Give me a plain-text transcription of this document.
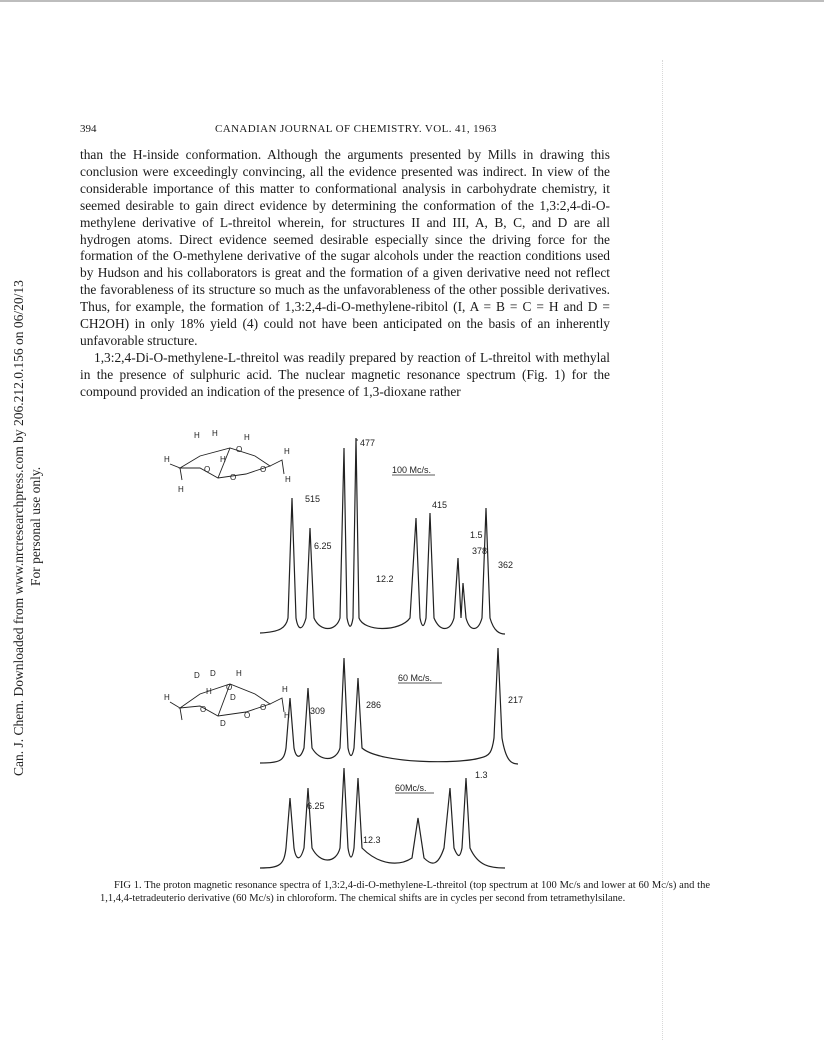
Can. J. Chem. Downloaded from www.nrcresearchpress.com by 206.212.0.156 on 06/20/13 For personal use only.
394	CANADIAN JOURNAL OF CHEMISTRY. VOL. 41, 1963

than the H-inside conformation. Although the arguments presented by Mills in drawing this conclusion were exceedingly convincing, all the evidence presented was indirect. In view of the considerable importance of this matter to conformational analysis in carbohydrate chemistry, it seemed desirable to gain direct evidence by determining the conformation of the 1,3:2,4-di-O-methylene derivative of L-threitol wherein, for structures II and III, A, B, C, and D are all hydrogen atoms. Direct evidence seemed desirable especially since the driving force for the formation of the O-methylene derivative of the sugar alcohols under the reaction conditions used by Hudson and his collaborators is great and the formation of a given derivative need not reflect the favorableness of its structure so much as the unfavorableness of the other possible derivatives. Thus, for example, the formation of 1,3:2,4-di-O-methylene-ribitol (I, A = B = C = H and D = CH2OH) in only 18% yield (4) could not have been anticipated on the basis of an inherently unfavorable structure.

1,3:2,4-Di-O-methylene-L-threitol was readily prepared by reaction of L-threitol with methylal in the presence of sulphuric acid. The nuclear magnetic resonance spectrum (Fig. 1) for the compound provided an indication of the presence of 1,3-dioxane rather

477
515
415
1.5
378
362
6.25
12.2
100 Mc/s.
60 Mc/s.
309
286	217
60Mc/s.
6.25
1.3
12.3
H H	H
H
H
H
H
H
O
O
O
O
D D	H
H
D
D
H
H
H
O
O
O
O
FIG 1. The proton magnetic resonance spectra of 1,3:2,4-di-O-methylene-L-threitol (top spectrum at 100 Mc/s and lower at 60 Mc/s) and the 1,1,4,4-tetradeuterio derivative (60 Mc/s) in chloroform. The chemical shifts are in cycles per second from tetramethylsilane.
